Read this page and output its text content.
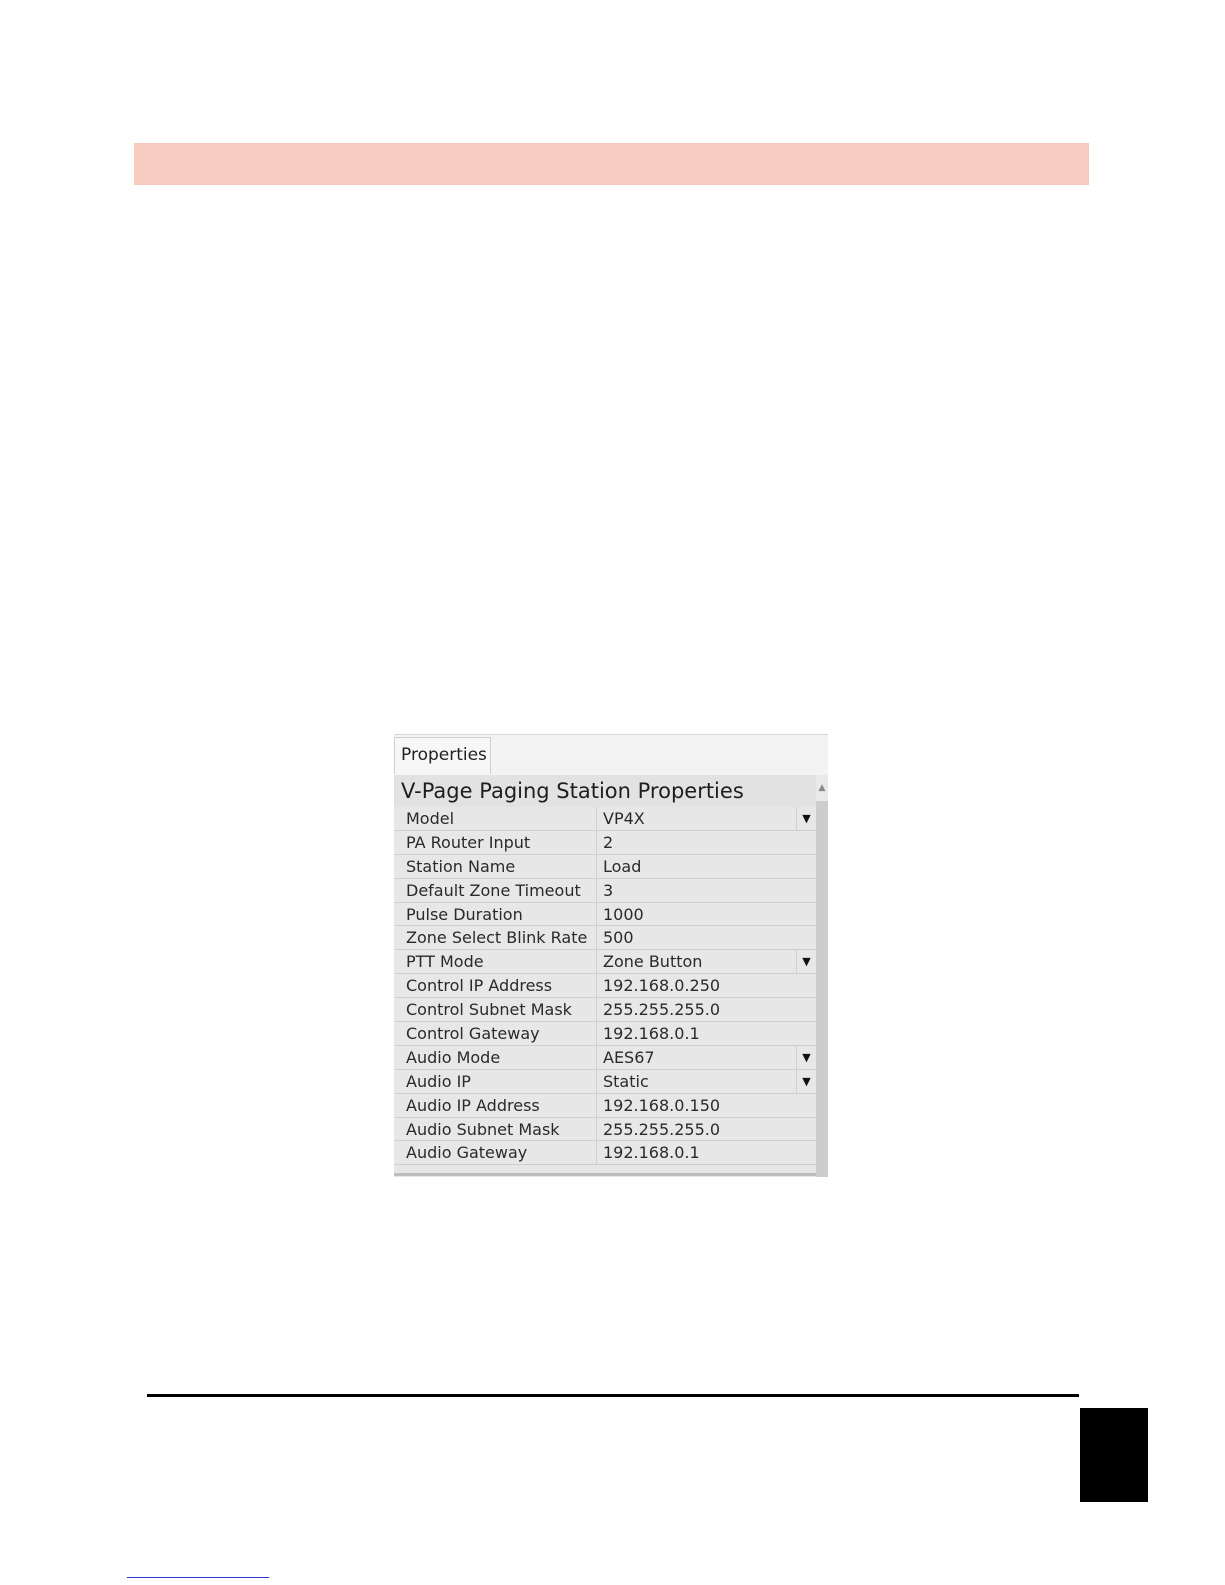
Properties
V-Page Paging Station Properties	▲
Model	VP4X	▼
PA Router Input	2
Station Name	Load
Default Zone Timeout	3
Pulse Duration	1000
Zone Select Blink Rate 500
PTT Mode	Zone Button	▼
Control IP Address	192.168.0.250
Control Subnet Mask	255.255.255.0
Control Gateway	192.168.0.1
Audio Mode	AES67	▼
Audio IP	Static	▼
Audio IP Address	192.168.0.150
Audio Subnet Mask	255.255.255.0
Audio Gateway	192.168.0.1
